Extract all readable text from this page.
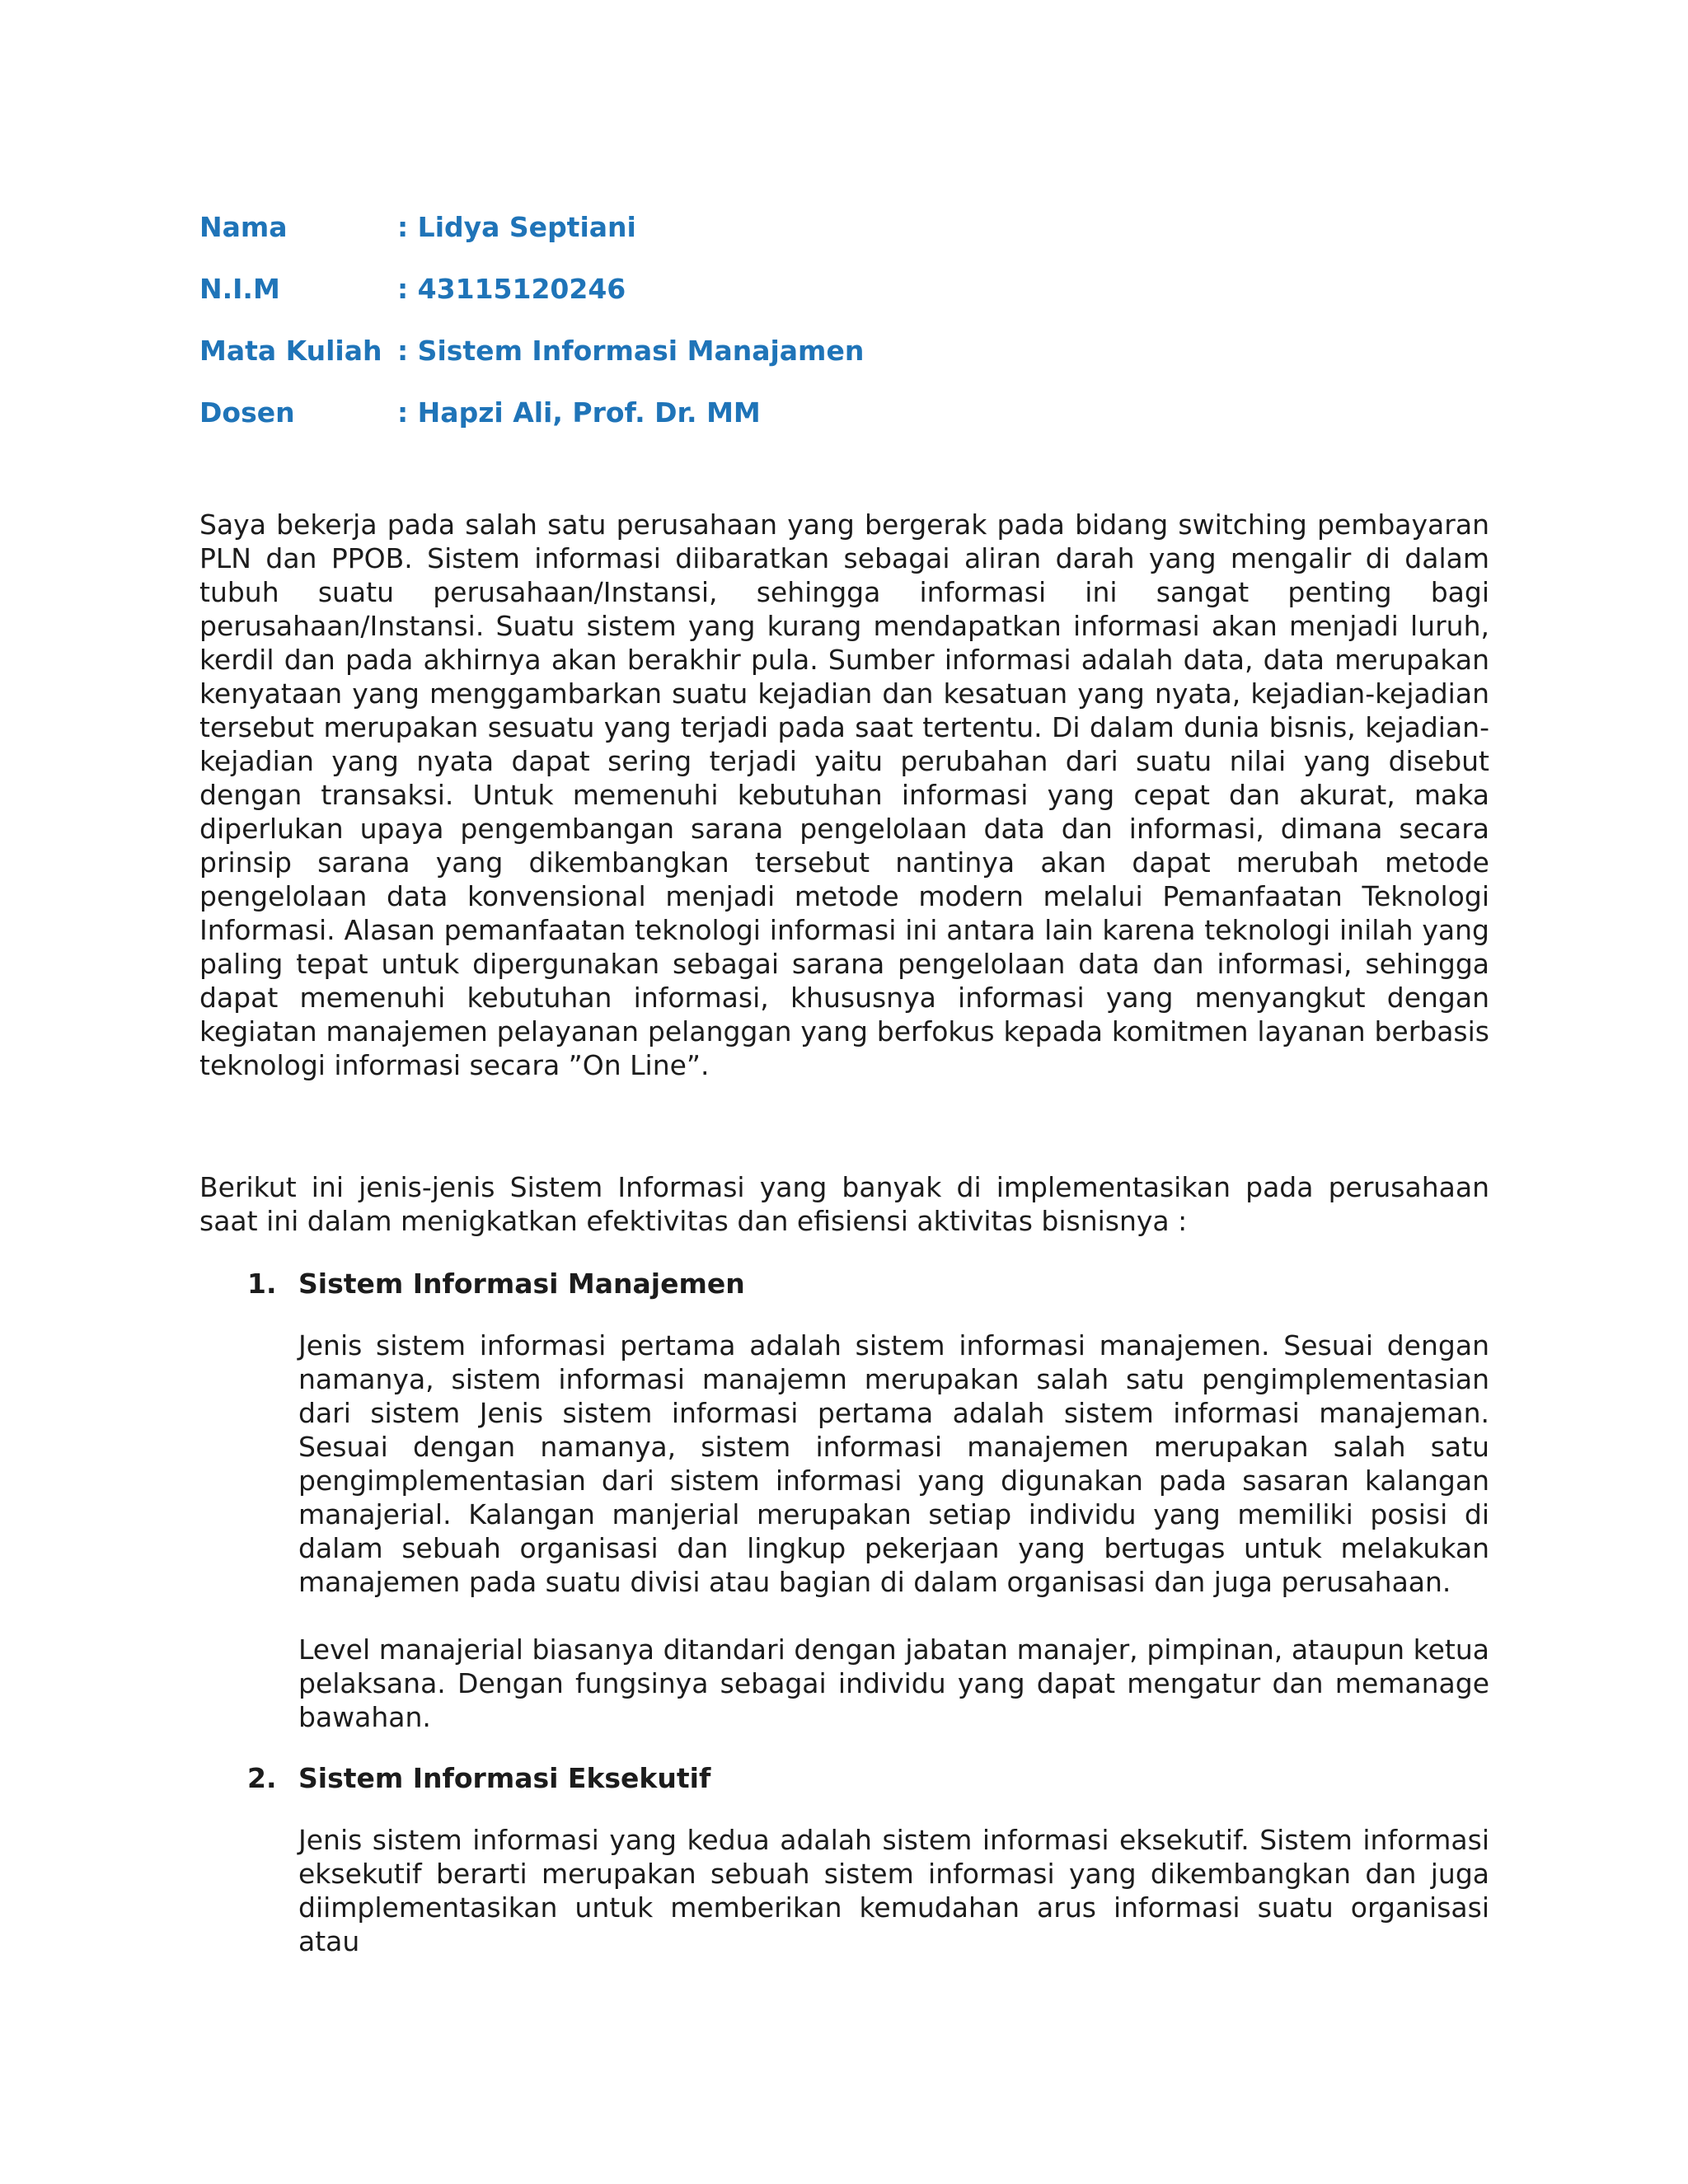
Nama	: Lidya Septiani
N.I.M	: 43115120246
Mata Kuliah : Sistem Informasi Manajamen
Dosen	: Hapzi Ali, Prof. Dr. MM

Saya bekerja pada salah satu perusahaan yang bergerak pada bidang switching pembayaran PLN dan PPOB. Sistem informasi diibaratkan sebagai aliran darah yang mengalir di dalam tubuh suatu perusahaan/Instansi, sehingga informasi ini sangat penting bagi perusahaan/Instansi. Suatu sistem yang kurang mendapatkan informasi akan menjadi luruh, kerdil dan pada akhirnya akan berakhir pula. Sumber informasi adalah data, data merupakan kenyataan yang menggambarkan suatu kejadian dan kesatuan yang nyata, kejadian-kejadian tersebut merupakan sesuatu yang terjadi pada saat tertentu. Di dalam dunia bisnis, kejadian-kejadian yang nyata dapat sering terjadi yaitu perubahan dari suatu nilai yang disebut dengan transaksi. Untuk memenuhi kebutuhan informasi yang cepat dan akurat, maka diperlukan upaya pengembangan sarana pengelolaan data dan informasi, dimana secara prinsip sarana yang dikembangkan tersebut nantinya akan dapat merubah metode pengelolaan data konvensional menjadi metode modern melalui Pemanfaatan Teknologi Informasi. Alasan pemanfaatan teknologi informasi ini antara lain karena teknologi inilah yang paling tepat untuk dipergunakan sebagai sarana pengelolaan data dan informasi, sehingga dapat memenuhi kebutuhan informasi, khususnya informasi yang menyangkut dengan kegiatan manajemen pelayanan pelanggan yang berfokus kepada komitmen layanan berbasis teknologi informasi secara ”On Line”.

Berikut ini jenis-jenis Sistem Informasi yang banyak di implementasikan pada perusahaan saat ini dalam menigkatkan efektivitas dan efisiensi aktivitas bisnisnya :

1. Sistem Informasi Manajemen

Jenis sistem informasi pertama adalah sistem informasi manajemen. Sesuai dengan namanya, sistem informasi manajemn merupakan salah satu pengimplementasian dari sistem Jenis sistem informasi pertama adalah sistem informasi manajeman. Sesuai dengan namanya, sistem informasi manajemen merupakan salah satu pengimplementasian dari sistem informasi yang digunakan pada sasaran kalangan manajerial. Kalangan manjerial merupakan setiap individu yang memiliki posisi di dalam sebuah organisasi dan lingkup pekerjaan yang bertugas untuk melakukan manajemen pada suatu divisi atau bagian di dalam organisasi dan juga perusahaan.

Level manajerial biasanya ditandari dengan jabatan manajer, pimpinan, ataupun ketua pelaksana. Dengan fungsinya sebagai individu yang dapat mengatur dan memanage bawahan.

2. Sistem Informasi Eksekutif

Jenis sistem informasi yang kedua adalah sistem informasi eksekutif. Sistem informasi eksekutif berarti merupakan sebuah sistem informasi yang dikembangkan dan juga diimplementasikan untuk memberikan kemudahan arus informasi suatu organisasi atau
